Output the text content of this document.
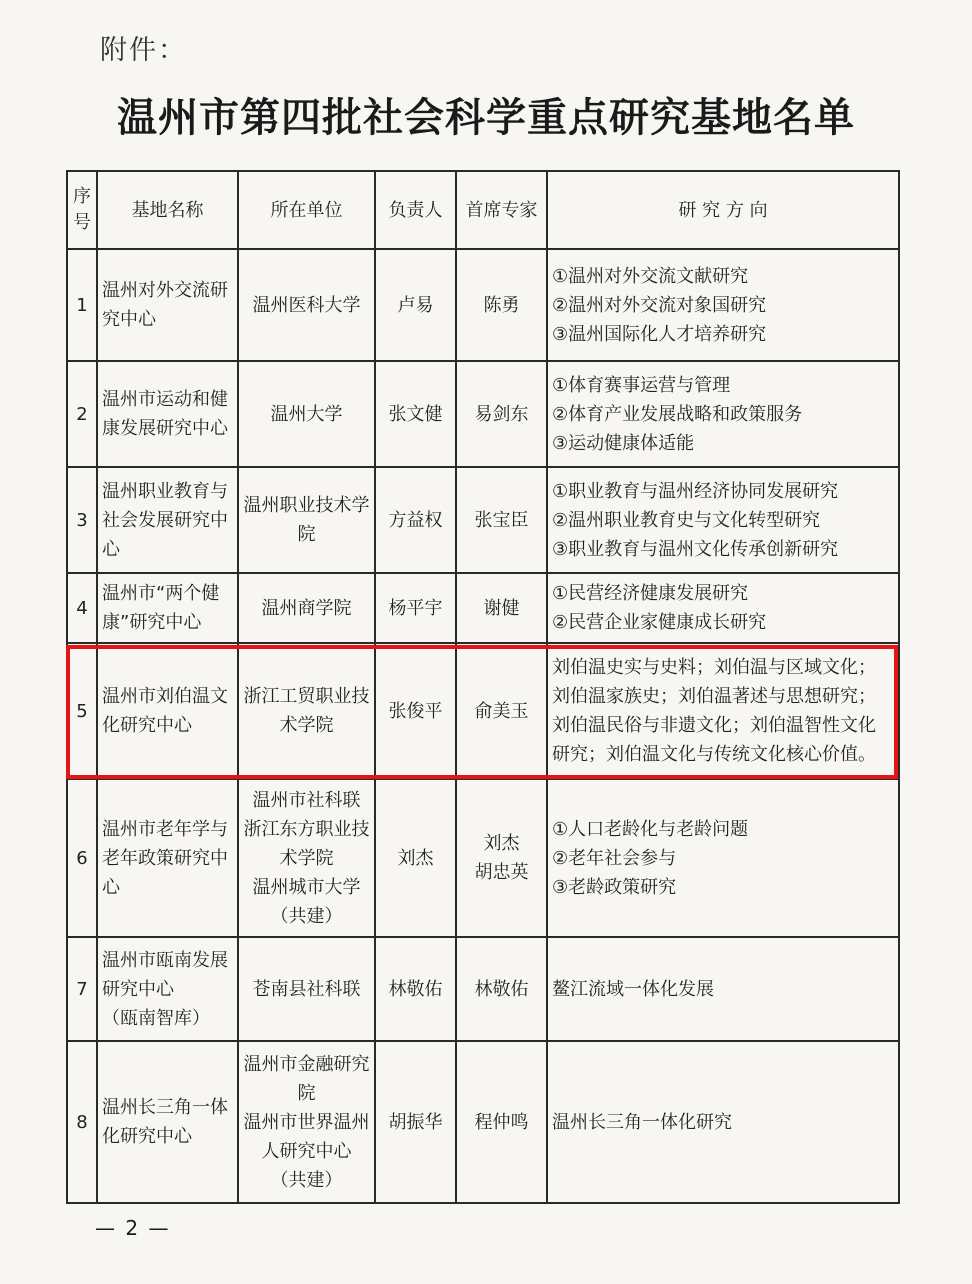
附件：
温州市第四批社会科学重点研究基地名单
序号	基地名称	所在单位	负责人	首席专家	研 究 方 向
1	温州对外交流研
究中心	温州医科大学	卢易	陈勇	①温州对外交流文献研究
②温州对外交流对象国研究
③温州国际化人才培养研究

2	温州市运动和健
康发展研究中心	温州大学	张文健	易剑东	①体育赛事运营与管理
②体育产业发展战略和政策服务
③运动健康体适能

3	温州职业教育与
社会发展研究中
心	温州职业技术学
院	方益权	张宝臣	①职业教育与温州经济协同发展研究
②温州职业教育史与文化转型研究
③职业教育与温州文化传承创新研究

4	温州市“两个健
康”研究中心	温州商学院	杨平宇	谢健	①民营经济健康发展研究
②民营企业家健康成长研究

5	温州市刘伯温文
化研究中心	浙江工贸职业技
术学院	张俊平	俞美玉	刘伯温史实与史料；刘伯温与区域文化；
刘伯温家族史；刘伯温著述与思想研究；
刘伯温民俗与非遗文化；刘伯温智性文化
研究；刘伯温文化与传统文化核心价值。

6	温州市老年学与
老年政策研究中
心	温州市社科联
浙江东方职业技
术学院
温州城市大学
（共建）	刘杰	刘杰
胡忠英	①人口老龄化与老龄问题
②老年社会参与
③老龄政策研究

7	温州市瓯南发展
研究中心
（瓯南智库）	苍南县社科联	林敬佑	林敬佑	鳌江流域一体化发展

8	温州长三角一体
化研究中心	温州市金融研究
院
温州市世界温州
人研究中心
（共建）	胡振华	程仲鸣	温州长三角一体化研究
— 2 —
